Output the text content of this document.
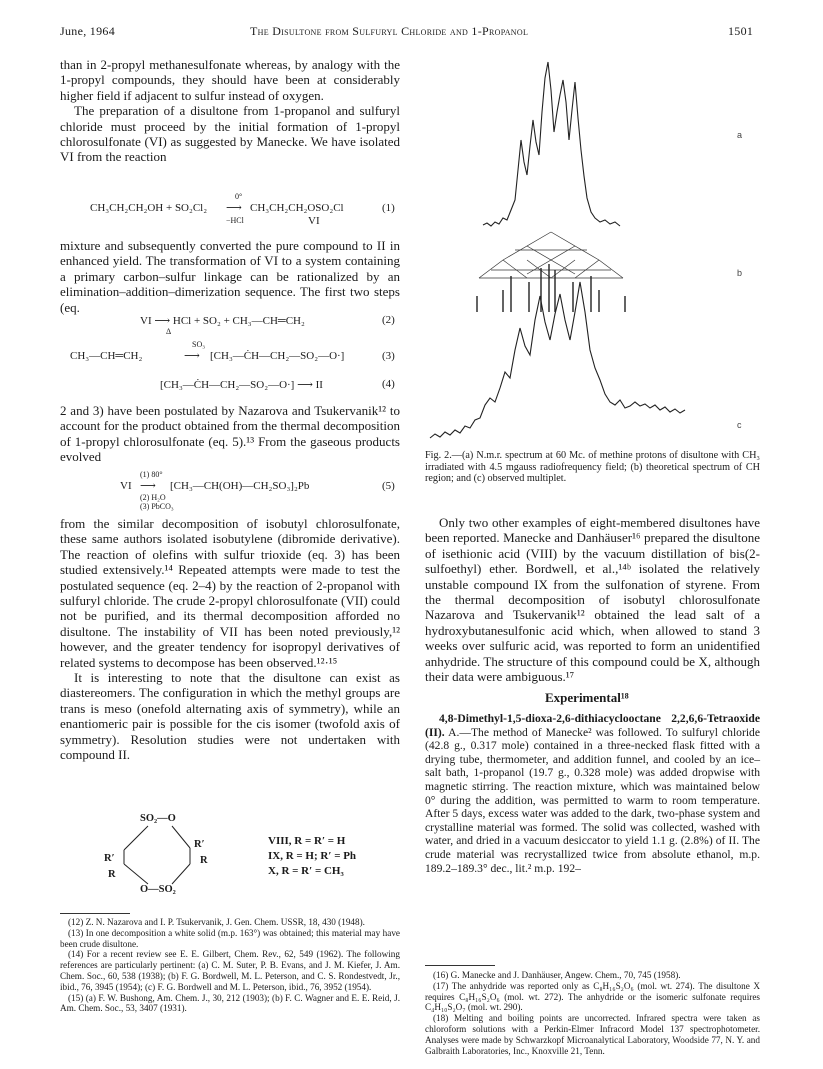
June, 1964	The Disultone from Sulfuryl Chloride and 1-Propanol	1501

than in 2-propyl methanesulfonate whereas, by analogy with the 1-propyl compounds, they should have been at considerably higher field if adjacent to sulfur instead of oxygen.

The preparation of a disultone from 1-propanol and sulfuryl chloride must proceed by the initial formation of 1-propyl chlorosulfonate (VI) as suggested by Manecke. We have isolated VI from the reaction

CH₃CH₂CH₂OH + SO₂Cl₂
0°
⟶
−HCl
CH₃CH₂CH₂OSO₂Cl
VI
(1)

mixture and subsequently converted the pure compound to II in enhanced yield. The transformation of VI to a system containing a primary carbon–sulfur linkage can be rationalized by an elimination–addition–dimerization sequence. The first two steps (eq.

VI ⟶ HCl + SO₂ + CH₃—CH═CH₂
Δ
(2)
CH₃—CH═CH₂
SO₃
⟶ [CH₃—ĊH—CH₂—SO₂—O·]	(3)
[CH₃—ĊH—CH₂—SO₂—O·] ⟶ II	(4)

2 and 3) have been postulated by Nazarova and Tsukervanik¹² to account for the product obtained from the thermal decomposition of 1-propyl chlorosulfonate (eq. 5).¹³ From the gaseous products evolved

(1) 80°
VI ⟶
(2) H₂O
(3) PbCO₃
[CH₃—CH(OH)—CH₂SO₃]₂Pb	(5)

from the similar decomposition of isobutyl chlorosulfonate, these same authors isolated isobutylene (dibromide derivative). The reaction of olefins with sulfur trioxide (eq. 3) has been studied extensively.¹⁴ Repeated attempts were made to test the postulated sequence (eq. 2–4) by the reaction of 2-propanol with sulfuryl chloride. The crude 2-propyl chlorosulfonate (VII) could not be purified, and its thermal decomposition afforded no disultone. The instability of VII has been noted previously,¹² however, and the greater tendency for isopropyl derivatives of related systems to decompose has been observed.¹²·¹⁵

It is interesting to note that the disultone can exist as diastereomers. The configuration in which the methyl groups are trans is meso (onefold alternating axis of symmetry), while an enantiomeric pair is possible for the cis isomer (twofold axis of symmetry). Resolution studies were not undertaken with compound II.

SO₂—O
O—SO₂
R′
R
R′
R
VIII, R = R′ = H
IX, R = H; R′ = Ph
X, R = R′ = CH₃

(12) Z. N. Nazarova and I. P. Tsukervanik, J. Gen. Chem. USSR, 18, 430 (1948).

(13) In one decomposition a white solid (m.p. 163°) was obtained; this material may have been crude disultone.

(14) For a recent review see E. E. Gilbert, Chem. Rev., 62, 549 (1962). The following references are particularly pertinent: (a) C. M. Suter, P. B. Evans, and J. M. Kiefer, J. Am. Chem. Soc., 60, 538 (1938); (b) F. G. Bordwell, M. L. Peterson, and C. S. Rondestvedt, Jr., ibid., 76, 3945 (1954); (c) F. G. Bordwell and M. L. Peterson, ibid., 76, 3952 (1954).

(15) (a) F. W. Bushong, Am. Chem. J., 30, 212 (1903); (b) F. C. Wagner and E. E. Reid, J. Am. Chem. Soc., 53, 3407 (1931).

a
b
c
Fig. 2.—(a) N.m.r. spectrum at 60 Mc. of methine protons of disultone with CH₃ irradiated with 4.5 mgauss radiofrequency field; (b) theoretical spectrum of CH region; and (c) observed multiplet.

Only two other examples of eight-membered disultones have been reported. Manecke and Danhäuser¹⁶ prepared the disultone of isethionic acid (VIII) by the vacuum distillation of bis(2-sulfoethyl) ether. Bordwell, et al.,¹⁴ᵇ isolated the relatively unstable compound IX from the sulfonation of styrene. From the thermal decomposition of isobutyl chlorosulfonate Nazarova and Tsukervanik¹² obtained the lead salt of a hydroxybutanesulfonic acid which, when allowed to stand 3 weeks over sulfuric acid, was reported to form an unidentified anhydride. The structure of this compound could be X, although their data were ambiguous.¹⁷

Experimental¹⁸

4,8-Dimethyl-1,5-dioxa-2,6-dithiacyclooctane 2,2,6,6-Tetraoxide (II). A.—The method of Manecke² was followed. To sulfuryl chloride (42.8 g., 0.317 mole) contained in a three-necked flask fitted with a drying tube, thermometer, and addition funnel, and cooled by an ice–salt bath, 1-propanol (19.7 g., 0.328 mole) was added dropwise with magnetic stirring. The reaction mixture, which was maintained below 0° during the addition, was permitted to warm to room temperature. After 5 days, excess water was added to the dark, two-phase system and crystalline material was formed. The solid was collected, washed with water, and dried in a vacuum desiccator to yield 1.1 g. (2.8%) of II. The crude material was recrystallized twice from absolute ethanol, m.p. 189.2–189.3° dec., lit.² m.p. 192–

(16) G. Manecke and J. Danhäuser, Angew. Chem., 70, 745 (1958).

(17) The anhydride was reported only as C₈H₁₆S₂O₆ (mol. wt. 274). The disultone X requires C₈H₁₆S₂O₆ (mol. wt. 272). The anhydride or the isomeric sulfonate requires C₄H₁₀S₂O₇ (mol. wt. 290).

(18) Melting and boiling points are uncorrected. Infrared spectra were taken as chloroform solutions with a Perkin-Elmer Infracord Model 137 spectrophotometer. Analyses were made by Schwarzkopf Microanalytical Laboratory, Woodside 77, N. Y. and Galbraith Laboratories, Inc., Knoxville 21, Tenn.
